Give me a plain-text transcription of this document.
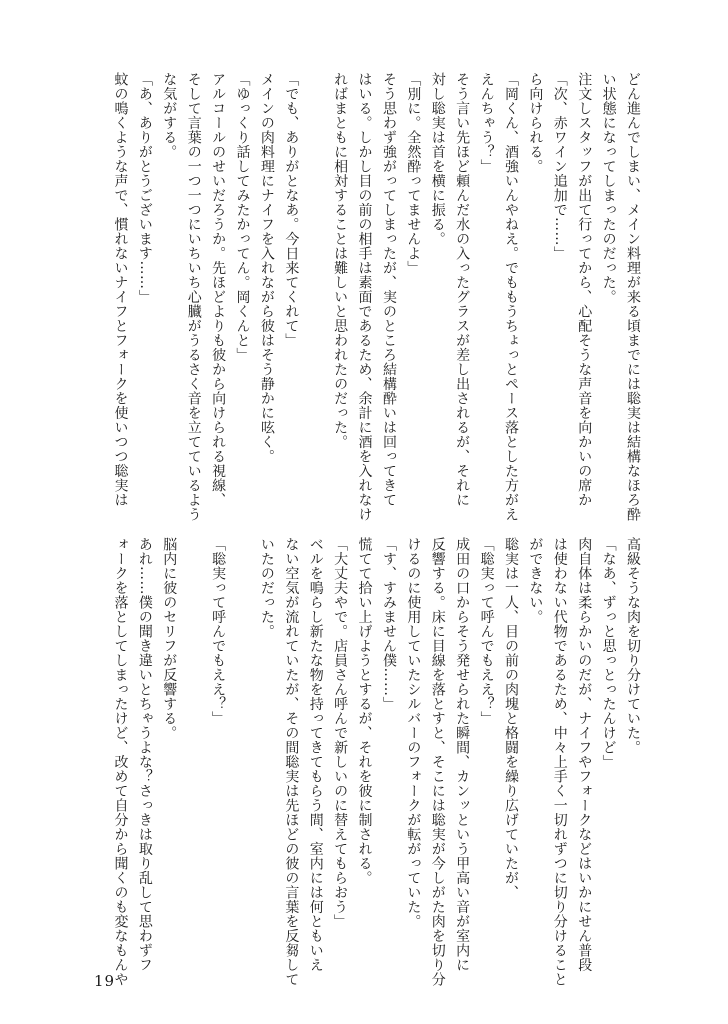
どん進んでしまい、メイン料理が来る頃までには聡実は結構なほろ酔

い状態になってしまったのだった。

注文しスタッフが出て行ってから、心配そうな声音を向かいの席か

「次、赤ワイン追加で……」

ら向けられる。

「岡くん、酒強いんやねえ。でももうちょっとペース落とした方がえ

えんちゃう？」

そう言い先ほど頼んだ水の入ったグラスが差し出されるが、それに

対し聡実は首を横に振る。

「別に。全然酔ってませんよ」

そう思わず強がってしまったが、実のところ結構酔いは回ってきて

はいる。しかし目の前の相手は素面であるため、余計に酒を入れなけ

ればまともに相対することは難しいと思われたのだった。

「でも、ありがとなあ。今日来てくれて」

メインの肉料理にナイフを入れながら彼はそう静かに呟く。

「ゆっくり話してみたかってん。岡くんと」

アルコールのせいだろうか。先ほどよりも彼から向けられる視線、

そして言葉の一つ一つにいちいち心臓がうるさく音を立てているよう

な気がする。

「あ、ありがとうございます……」

蚊の鳴くような声で、慣れないナイフとフォークを使いつつ聡実は

高級そうな肉を切り分けていた。

「なあ、ずっと思っとったんけど」

肉自体は柔らかいのだが、ナイフやフォークなどはいかにせん普段

は使わない代物であるため、中々上手く一切れずつに切り分けること

ができない。

聡実は一人、目の前の肉塊と格闘を繰り広げていたが、

「聡実って呼んでもええ？」

成田の口からそう発せられた瞬間、カンッという甲高い音が室内に

反響する。床に目線を落とすと、そこには聡実が今しがた肉を切り分

けるのに使用していたシルバーのフォークが転がっていた。

「す、すみません僕……」

慌てて拾い上げようとするが、それを彼に制される。

「大丈夫やで。店員さん呼んで新しいのに替えてもらおう」

ベルを鳴らし新たな物を持ってきてもらう間、室内には何ともいえ

ない空気が流れていたが、その間聡実は先ほどの彼の言葉を反芻して

いたのだった。

「聡実って呼んでもええ？」

脳内に彼のセリフが反響する。

あれ……僕の聞き違いとちゃうよな？さっきは取り乱して思わずフ

ォークを落としてしまったけど、改めて自分から聞くのも変なもんや

19
